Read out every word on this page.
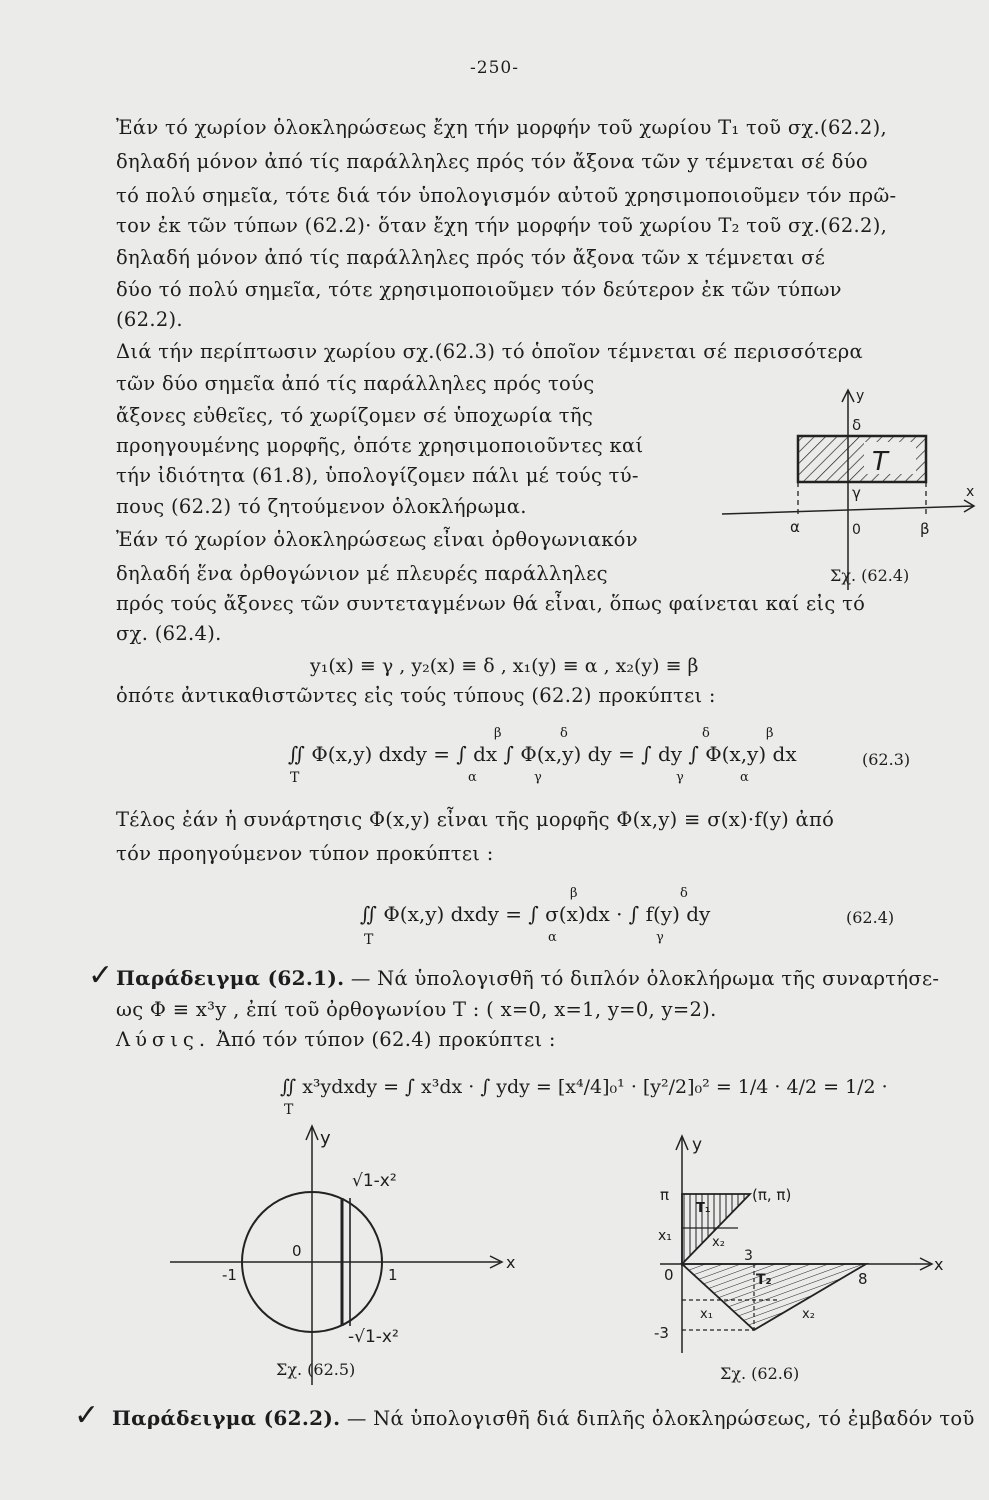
-250-
Ἐάν τό χωρίον ὁλοκληρώσεως ἔχη τήν μορφήν τοῦ χωρίου T₁ τοῦ σχ.(62.2),
δηλαδή μόνον ἀπό τίς παράλληλες πρός τόν ἄξονα τῶν y τέμνεται σέ δύο
τό πολύ σημεῖα, τότε διά τόν ὑπολογισμόν αὐτοῦ χρησιμοποιοῦμεν τόν πρῶ-
τον ἐκ τῶν τύπων (62.2)· ὅταν ἔχη τήν μορφήν τοῦ χωρίου T₂ τοῦ σχ.(62.2),
δηλαδή μόνον ἀπό τίς παράλληλες πρός τόν ἄξονα τῶν x τέμνεται σέ
δύο τό πολύ σημεῖα, τότε χρησιμοποιοῦμεν τόν δεύτερον ἐκ τῶν τύπων
(62.2).
Διά τήν περίπτωσιν χωρίου σχ.(62.3) τό ὁποῖον τέμνεται σέ περισσότερα
τῶν δύο σημεῖα ἀπό τίς παράλληλες πρός τούς
ἄξονες εὐθεῖες, τό χωρίζομεν σέ ὑποχωρία τῆς
προηγουμένης μορφῆς, ὁπότε χρησιμοποιοῦντες καί
τήν ἰδιότητα (61.8), ὑπολογίζομεν πάλι μέ τούς τύ-
πους (62.2) τό ζητούμενον ὁλοκλήρωμα.
Ἐάν τό χωρίον ὁλοκληρώσεως εἶναι ὀρθογωνιακόν
δηλαδή ἕνα ὀρθογώνιον μέ πλευρές παράλληλες
πρός τούς ἄξονες τῶν συντεταγμένων θά εἶναι, ὅπως φαίνεται καί εἰς τό
σχ. (62.4).
T
y
x
δ
γ
α	0	β
Σχ. (62.4)
y₁(x) ≡ γ , y₂(x) ≡ δ , x₁(y) ≡ α , x₂(y) ≡ β
ὁπότε ἀντικαθιστῶντες εἰς τούς τύπους (62.2) προκύπτει :
∬ Φ(x,y) dxdy = ∫ dx ∫ Φ(x,y) dy = ∫ dy ∫ Φ(x,y) dx
T
β
α
δ
γ
δ
γ
β
α
(62.3)
Τέλος ἐάν ἡ συνάρτησις Φ(x,y) εἶναι τῆς μορφῆς Φ(x,y) ≡ σ(x)·f(y) ἀπό
τόν προηγούμενον τύπον προκύπτει :
∬ Φ(x,y) dxdy = ∫ σ(x)dx · ∫ f(y) dy
T
β
α
δ
γ
(62.4)
✓ Παράδειγμα (62.1). — Νά ὑπολογισθῆ τό διπλόν ὁλοκλήρωμα τῆς συναρτήσε-
ως Φ ≡ x³y , ἐπί τοῦ ὀρθογωνίου T : ( x=0, x=1, y=0, y=2).
Λύσις. Ἀπό τόν τύπον (62.4) προκύπτει :
∬ x³ydxdy = ∫ x³dx · ∫ ydy = [x⁴/4]₀¹ · [y²/2]₀² = 1/4 · 4/2 = 1/2 ·
T
y
x
0
-1	1
√1-x²
-√1-x²
Σχ. (62.5)
y
x
π
x₁
0
-3
3
8
(π, π)
T₁
T₂
x₂
x₁	x₂
Σχ. (62.6)
✓ Παράδειγμα (62.2). — Νά ὑπολογισθῆ διά διπλῆς ὁλοκληρώσεως, τό ἐμβαδόν τοῦ
